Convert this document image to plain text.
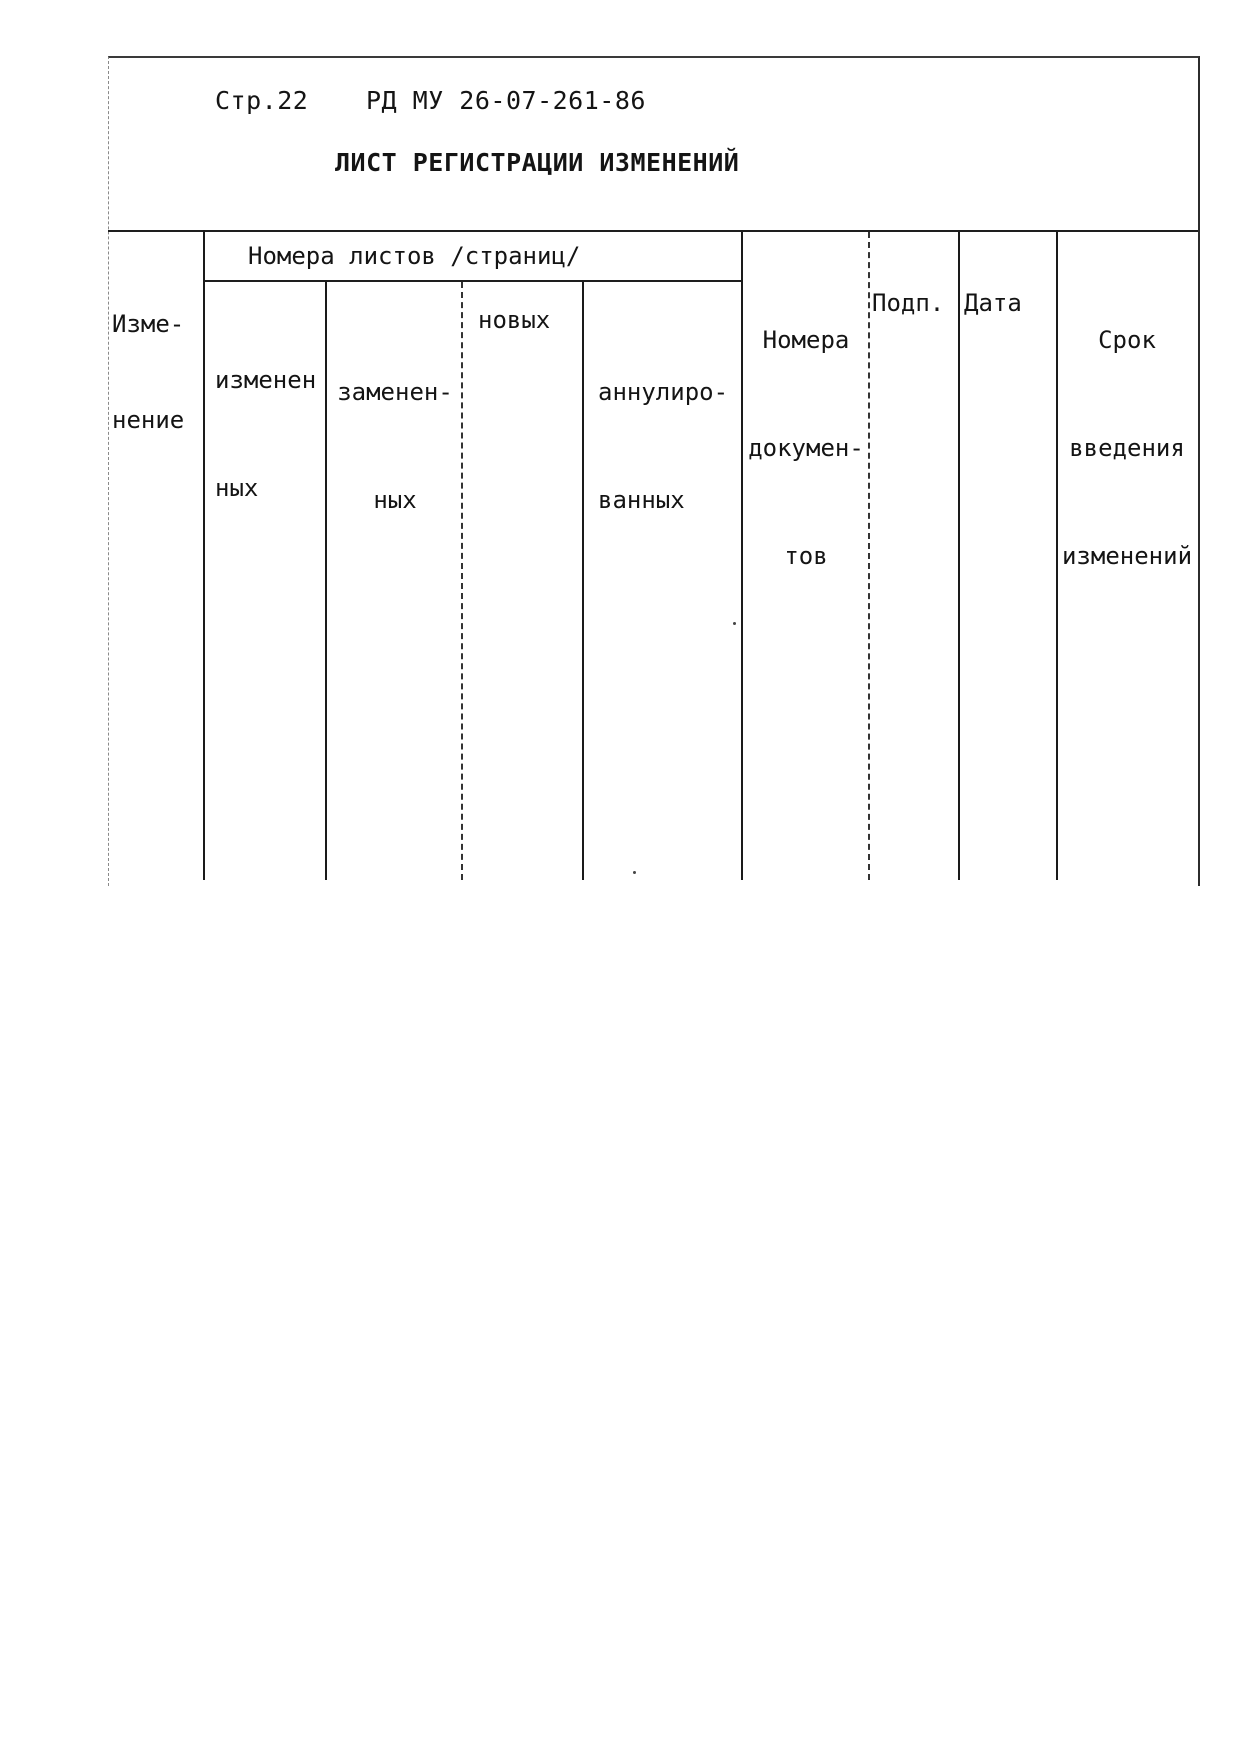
Стр.22 РД МУ 26-07-261-86
ЛИСТ РЕГИСТРАЦИИ ИЗМЕНЕНИЙ

Изме-

нение

Номера листов /страниц/

изменен

ных

заменен-

ных

новых

аннулиро-

ванных

Номера

докумен-

тов

Подп. Дата

Срок

введения

изменений
